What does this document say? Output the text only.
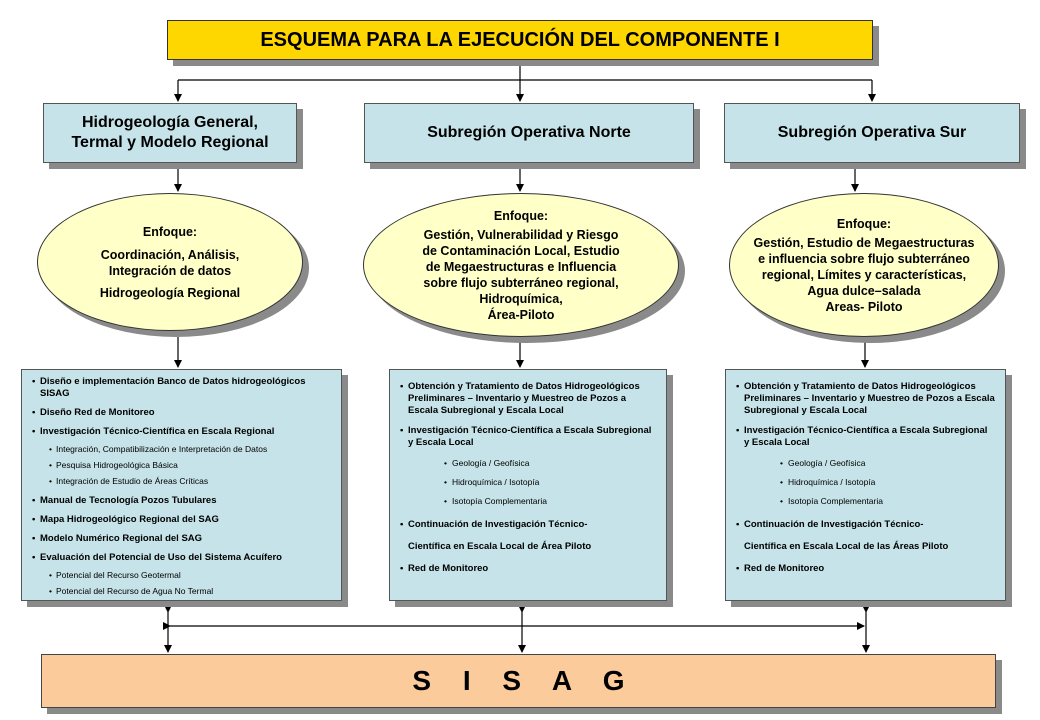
ESQUEMA PARA LA EJECUCIÓN DEL COMPONENTE I
Hidrogeología General,
Termal y Modelo Regional
Subregión Operativa Norte	Subregión Operativa Sur
Enfoque:
Coordinación, Análisis,
Integración de datos
Hidrogeología Regional
Enfoque:
Gestión, Vulnerabilidad y Riesgo
de Contaminación Local, Estudio
de Megaestructuras e Influencia
sobre flujo subterráneo regional,
Hidroquímica,
Área-Piloto
Enfoque:
Gestión, Estudio de Megaestructuras
e influencia sobre flujo subterráneo
regional, Límites y características,
Agua dulce–salada
Areas- Piloto
• Diseño e implementación Banco de Datos hidrogeológicos SISAG
• Diseño Red de Monitoreo
• Investigación Técnico-Científica en Escala Regional
• Integración, Compatibilización e Interpretación de Datos
• Pesquisa Hidrogeológica Básica
• Integración de Estudio de Áreas Críticas
• Manual de Tecnología Pozos Tubulares
• Mapa Hidrogeológico Regional del SAG
• Modelo Numérico Regional del SAG
• Evaluación del Potencial de Uso del Sistema Acuífero
• Potencial del Recurso Geotermal
• Potencial del Recurso de Agua No Termal
• Obtención y Tratamiento de Datos Hidrogeológicos Preliminares – Inventario y Muestreo de Pozos a Escala Subregional y Escala Local
• Investigación Técnico-Científica a Escala Subregional y Escala Local
• Geología / Geofísica
• Hidroquímica / Isotopía
• Isotopía Complementaria
• Continuación de Investigación Técnico-
Científica en Escala Local de Área Piloto
• Red de Monitoreo
• Obtención y Tratamiento de Datos Hidrogeológicos Preliminares – Inventario y Muestreo de Pozos a Escala Subregional y Escala Local
• Investigación Técnico-Científica a Escala Subregional y Escala Local
• Geología / Geofísica
• Hidroquímica / Isotopía
• Isotopía Complementaria
• Continuación de Investigación Técnico-
Científica en Escala Local de las Áreas Piloto
• Red de Monitoreo
S I S A G
